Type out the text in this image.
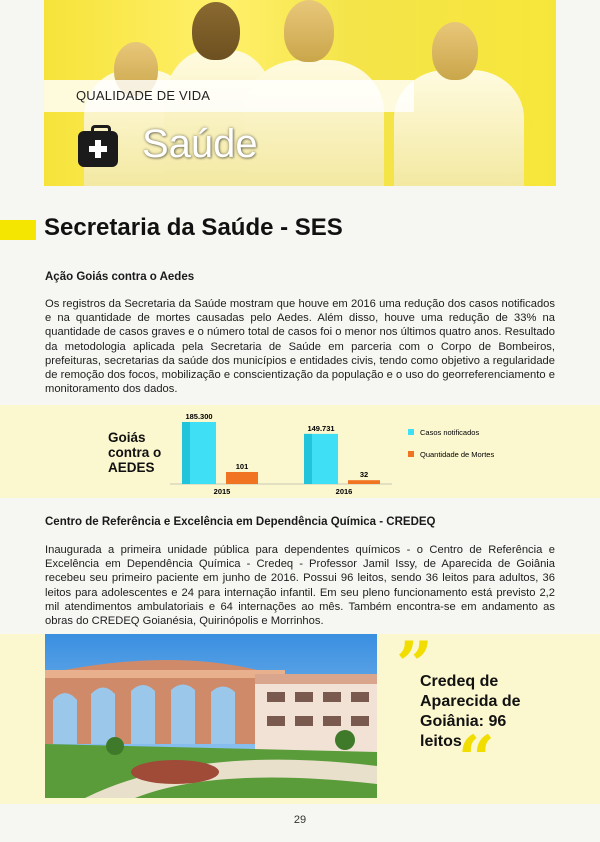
QUALIDADE DE VIDA
Saúde
Secretaria da Saúde - SES
Ação Goiás contra o Aedes
Os registros da Secretaria da Saúde mostram que houve em 2016 uma redução dos casos notificados e na quantidade de mortes causadas pelo Aedes. Além disso, houve uma redução de 33% na quantidade de casos graves e o número total de casos foi o menor nos últimos quatro anos. Resultado da metodologia aplicada pela Secretaria de Saúde em parceria com o Corpo de Bombeiros, prefeituras, secretarias da saúde dos municípios e entidades civis, tendo como objetivo a regularidade de remoção dos focos, mobilização e conscientização da população e o uso do georreferenciamento e monitoramento dos dados.
Goiás contra o AEDES
185.300
101
2015
149.731
32
2016
Casos notificados
Quantidade de Mortes
Centro de Referência e Excelência em Dependência Química - CREDEQ
Inaugurada a primeira unidade pública para dependentes químicos - o Centro de Referência e Excelência em Dependência Química - Credeq - Professor Jamil Issy, de Aparecida de Goiânia recebeu seu primeiro paciente em junho de 2016. Possui 96 leitos, sendo 36 leitos para adultos, 36 leitos para adolescentes e 24 para internação infantil. Em seu pleno funcionamento está previsto 2,2 mil atendimentos ambulatoriais e 64 internações ao mês. Também encontra-se em andamento as obras do CREDEQ Goianésia, Quirinópolis e Morrinhos.
”
Credeq de Aparecida de Goiânia: 96 leitos
“
29
